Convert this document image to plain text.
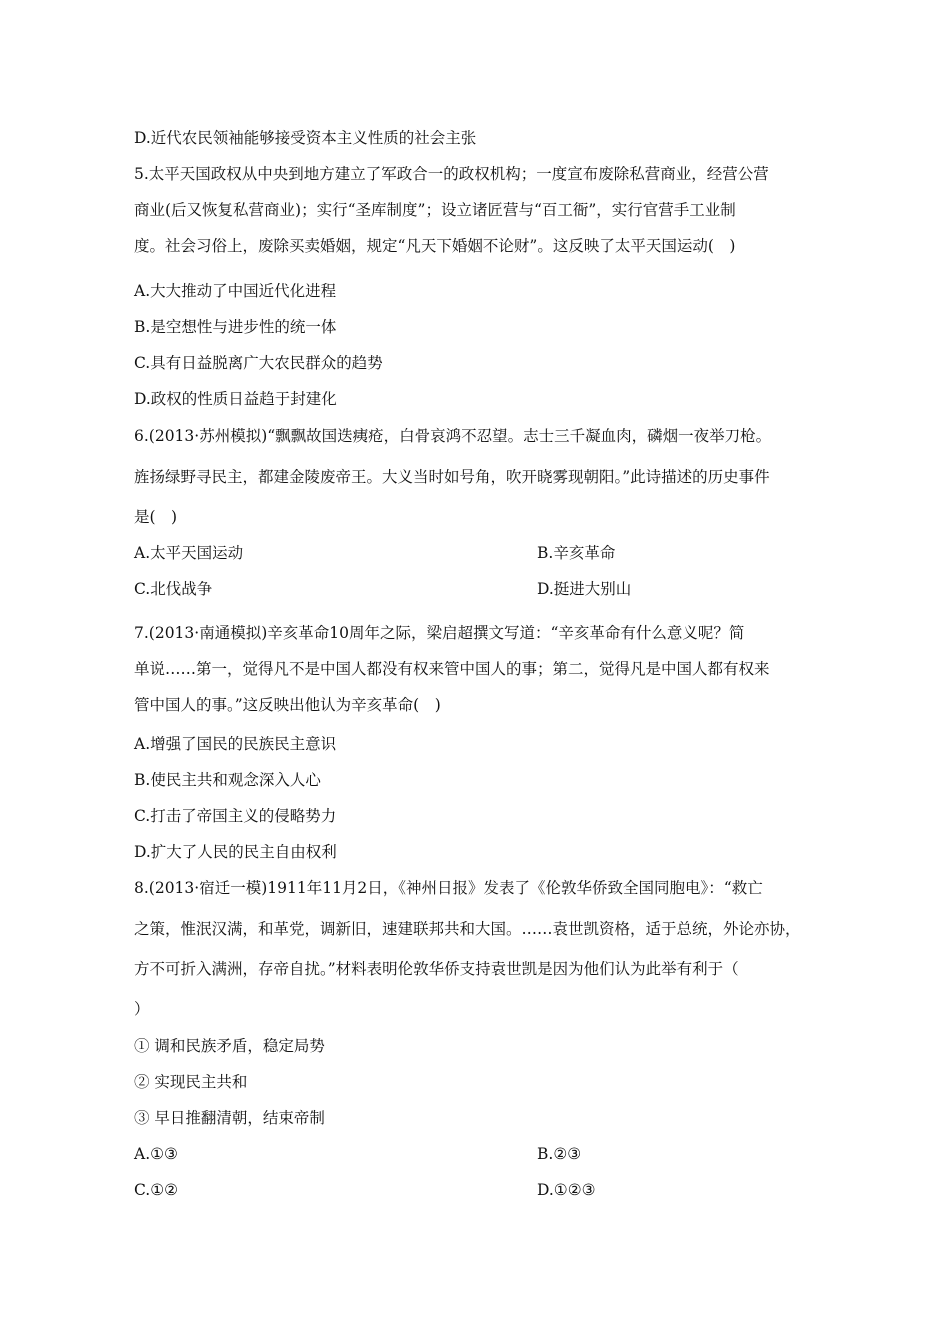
D.近代农民领袖能够接受资本主义性质的社会主张
5.太平天国政权从中央到地方建立了军政合一的政权机构；一度宣布废除私营商业，经营公营
商业(后又恢复私营商业)；实行“圣库制度”；设立诸匠营与“百工衙”，实行官营手工业制
度。社会习俗上，废除买卖婚姻，规定“凡天下婚姻不论财”。这反映了太平天国运动(　)
A.大大推动了中国近代化进程
B.是空想性与进步性的统一体
C.具有日益脱离广大农民群众的趋势
D.政权的性质日益趋于封建化
6.(2013·苏州模拟)“飘飘故国迭痍疮，白骨哀鸿不忍望。志士三千凝血肉，磷烟一夜举刀枪。
旌扬绿野寻民主，都建金陵废帝王。大义当时如号角，吹开晓雾现朝阳。”此诗描述的历史事件
是(　)
A.太平天国运动	B.辛亥革命
C.北伐战争	D.挺进大别山
7.(2013·南通模拟)辛亥革命10周年之际，梁启超撰文写道：“辛亥革命有什么意义呢？简
单说……第一，觉得凡不是中国人都没有权来管中国人的事；第二，觉得凡是中国人都有权来
管中国人的事。”这反映出他认为辛亥革命(　)
A.增强了国民的民族民主意识
B.使民主共和观念深入人心
C.打击了帝国主义的侵略势力
D.扩大了人民的民主自由权利
8.(2013·宿迁一模)1911年11月2日，《神州日报》发表了《伦敦华侨致全国同胞电》：“救亡
之策，惟泯汉满，和革党，调新旧，速建联邦共和大国。……袁世凯资格，适于总统，外论亦协，
方不可折入满洲，存帝自扰。”材料表明伦敦华侨支持袁世凯是因为他们认为此举有利于（
）
① 调和民族矛盾，稳定局势
② 实现民主共和
③ 早日推翻清朝，结束帝制
A.①③	B.②③
C.①②	D.①②③
